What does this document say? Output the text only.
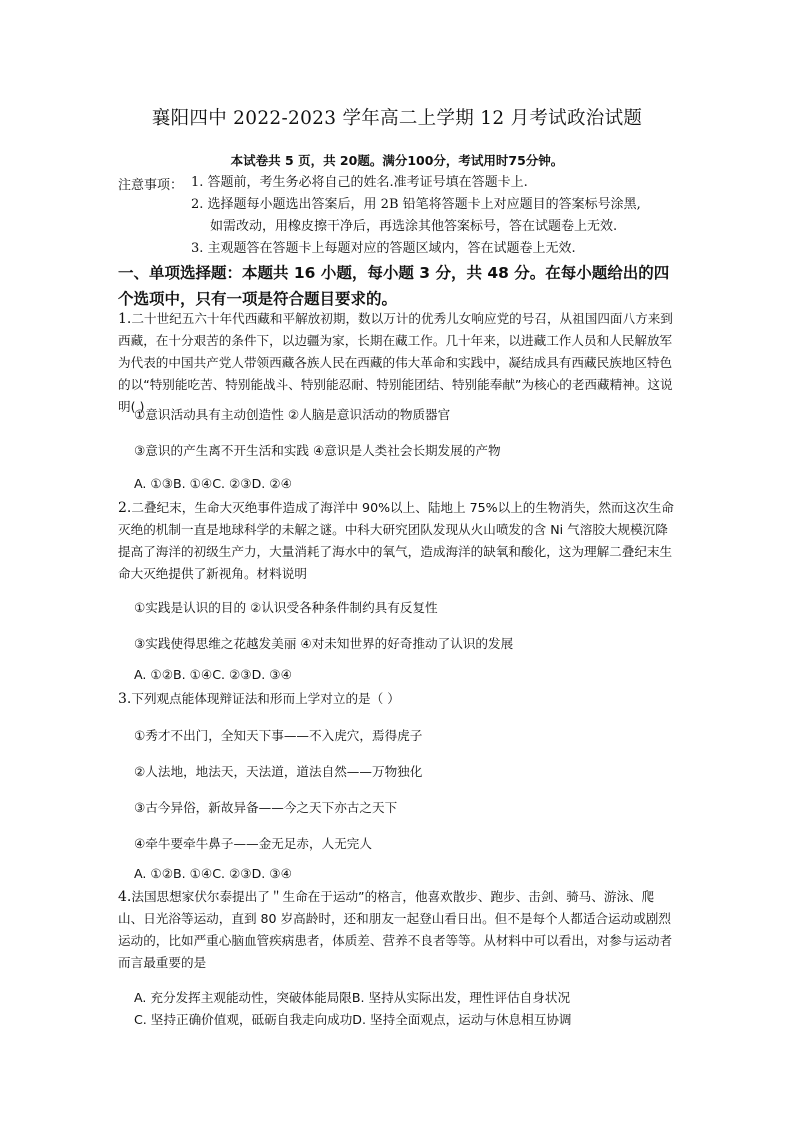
襄阳四中 2022-2023 学年高二上学期 12 月考试政治试题
本试卷共 5 页，共 20题。满分100分，考试用时75分钟。
注意事项： 1. 答题前，考生务必将自己的姓名.准考证号填在答题卡上.
2. 选择题每小题选出答案后，用 2B 铅笔将答题卡上对应题目的答案标号涂黑,
如需改动，用橡皮擦干净后，再选涂其他答案标号，答在试题卷上无效.
3. 主观题答在答题卡上每题对应的答题区域内，答在试题卷上无效.
一、单项选择题：本题共 16 小题，每小题 3 分，共 48 分。在每小题给出的四个选项中，只有一项是符合题目要求的。
1.二十世纪五六十年代西藏和平解放初期，数以万计的优秀儿女响应党的号召，从祖国四面八方来到西藏，在十分艰苦的条件下，以边疆为家，长期在藏工作。几十年来，以进藏工作人员和人民解放军为代表的中国共产党人带领西藏各族人民在西藏的伟大革命和实践中，凝结成具有西藏民族地区特色的以“特别能吃苦、特别能战斗、特别能忍耐、特别能团结、特别能奉献”为核心的老西藏精神。这说明( )
①意识活动具有主动创造性 ②人脑是意识活动的物质器官
③意识的产生离不开生活和实践 ④意识是人类社会长期发展的产物
A. ①③B. ①④C. ②③D. ②④
2.二叠纪末，生命大灭绝事件造成了海洋中 90%以上、陆地上 75%以上的生物消失，然而这次生命灭绝的机制一直是地球科学的未解之谜。中科大研究团队发现从火山喷发的含 Ni 气溶胶大规模沉降提高了海洋的初级生产力，大量消耗了海水中的氧气，造成海洋的缺氧和酸化，这为理解二叠纪末生命大灭绝提供了新视角。材料说明
①实践是认识的目的 ②认识受各种条件制约具有反复性
③实践使得思维之花越发美丽 ④对未知世界的好奇推动了认识的发展
A. ①②B. ①④C. ②③D. ③④
3.下列观点能体现辩证法和形而上学对立的是（ ）
①秀才不出门，全知天下事——不入虎穴，焉得虎子
②人法地，地法天，天法道，道法自然——万物独化
③古今异俗，新故异备——今之天下亦古之天下
④牵牛要牵牛鼻子——金无足赤，人无完人
A. ①②B. ①④C. ②③D. ③④
4.法国思想家伏尔泰提出了＂生命在于运动”的格言，他喜欢散步、跑步、击剑、骑马、游泳、爬山、日光浴等运动，直到 80 岁高龄时，还和朋友一起登山看日出。但不是每个人都适合运动或剧烈运动的，比如严重心脑血管疾病患者，体质差、营养不良者等等。从材料中可以看出，对参与运动者而言最重要的是
A. 充分发挥主观能动性，突破体能局限B. 坚持从实际出发，理性评估自身状况
C. 坚持正确价值观，砥砺自我走向成功D. 坚持全面观点，运动与休息相互协调
